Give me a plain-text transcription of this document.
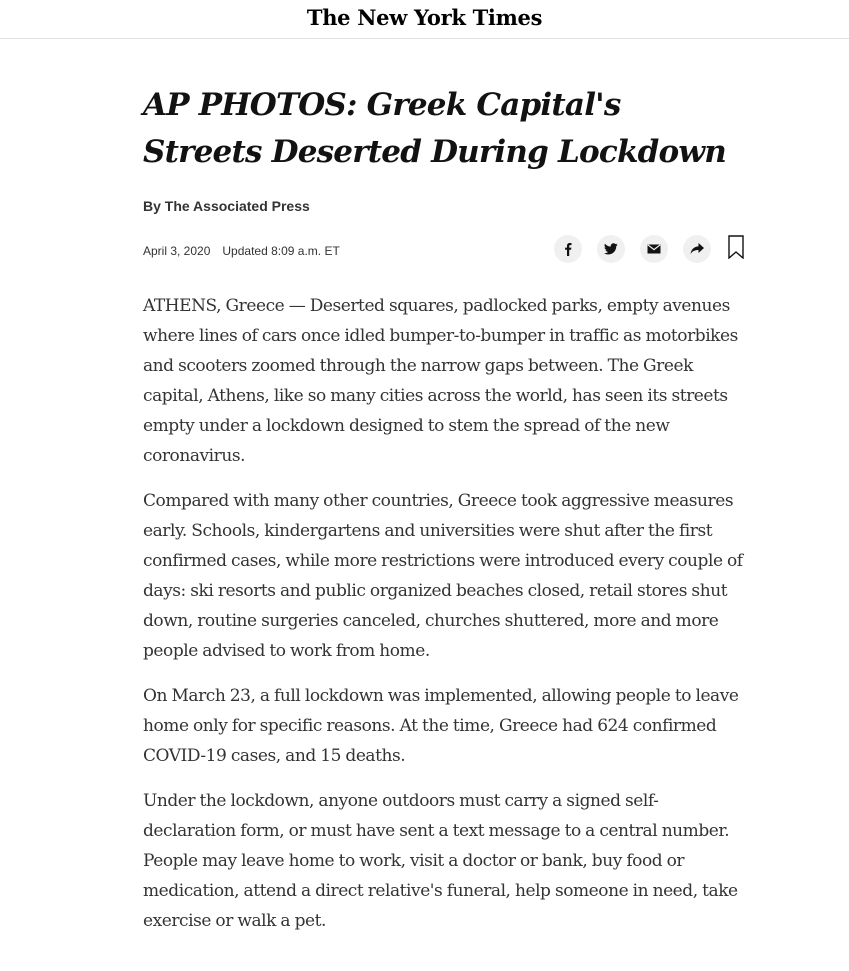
The New York Times
AP PHOTOS: Greek Capital's Streets Deserted During Lockdown
By The Associated Press
April 3, 2020 Updated 8:09 a.m. ET

ATHENS, Greece — Deserted squares, padlocked parks, empty avenues where lines of cars once idled bumper-to-bumper in traffic as motorbikes and scooters zoomed through the narrow gaps between. The Greek capital, Athens, like so many cities across the world, has seen its streets empty under a lockdown designed to stem the spread of the new coronavirus.

Compared with many other countries, Greece took aggressive measures early. Schools, kindergartens and universities were shut after the first confirmed cases, while more restrictions were introduced every couple of days: ski resorts and public organized beaches closed, retail stores shut down, routine surgeries canceled, churches shuttered, more and more people advised to work from home.

On March 23, a full lockdown was implemented, allowing people to leave home only for specific reasons. At the time, Greece had 624 confirmed COVID-19 cases, and 15 deaths.

Under the lockdown, anyone outdoors must carry a signed self-declaration form, or must have sent a text message to a central number. People may leave home to work, visit a doctor or bank, buy food or medication, attend a direct relative's funeral, help someone in need, take exercise or walk a pet.
